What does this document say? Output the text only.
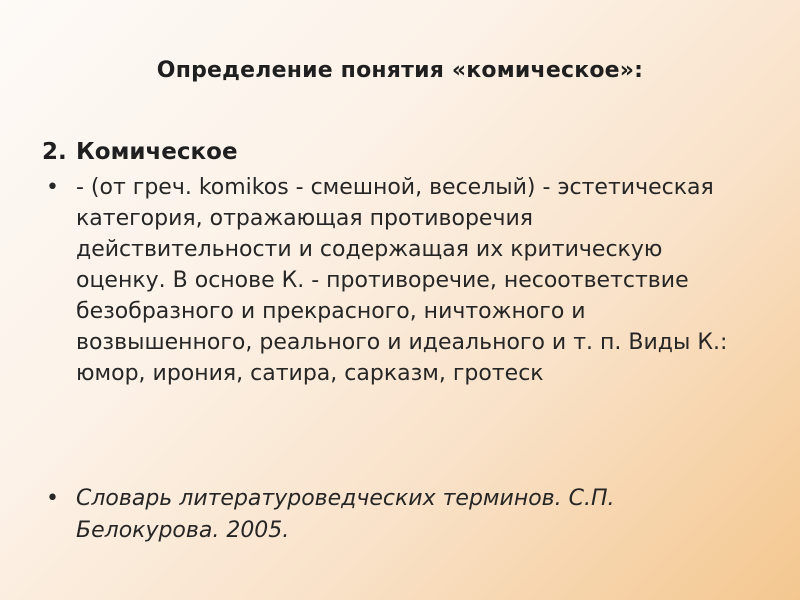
Определение понятия «комическое»:
2. Комическое
• - (от греч. komikos - смешной, веселый) - эстетическая категория, отражающая противоречия действительности и содержащая их критическую оценку. В основе К. - противоречие, несоответствие безобразного и прекрасного, ничтожного и возвышенного, реального и идеального и т. п. Виды К.: юмор, ирония, сатира, сарказм, гротеск
• Словарь литературоведческих терминов. С.П. Белокурова. 2005.
